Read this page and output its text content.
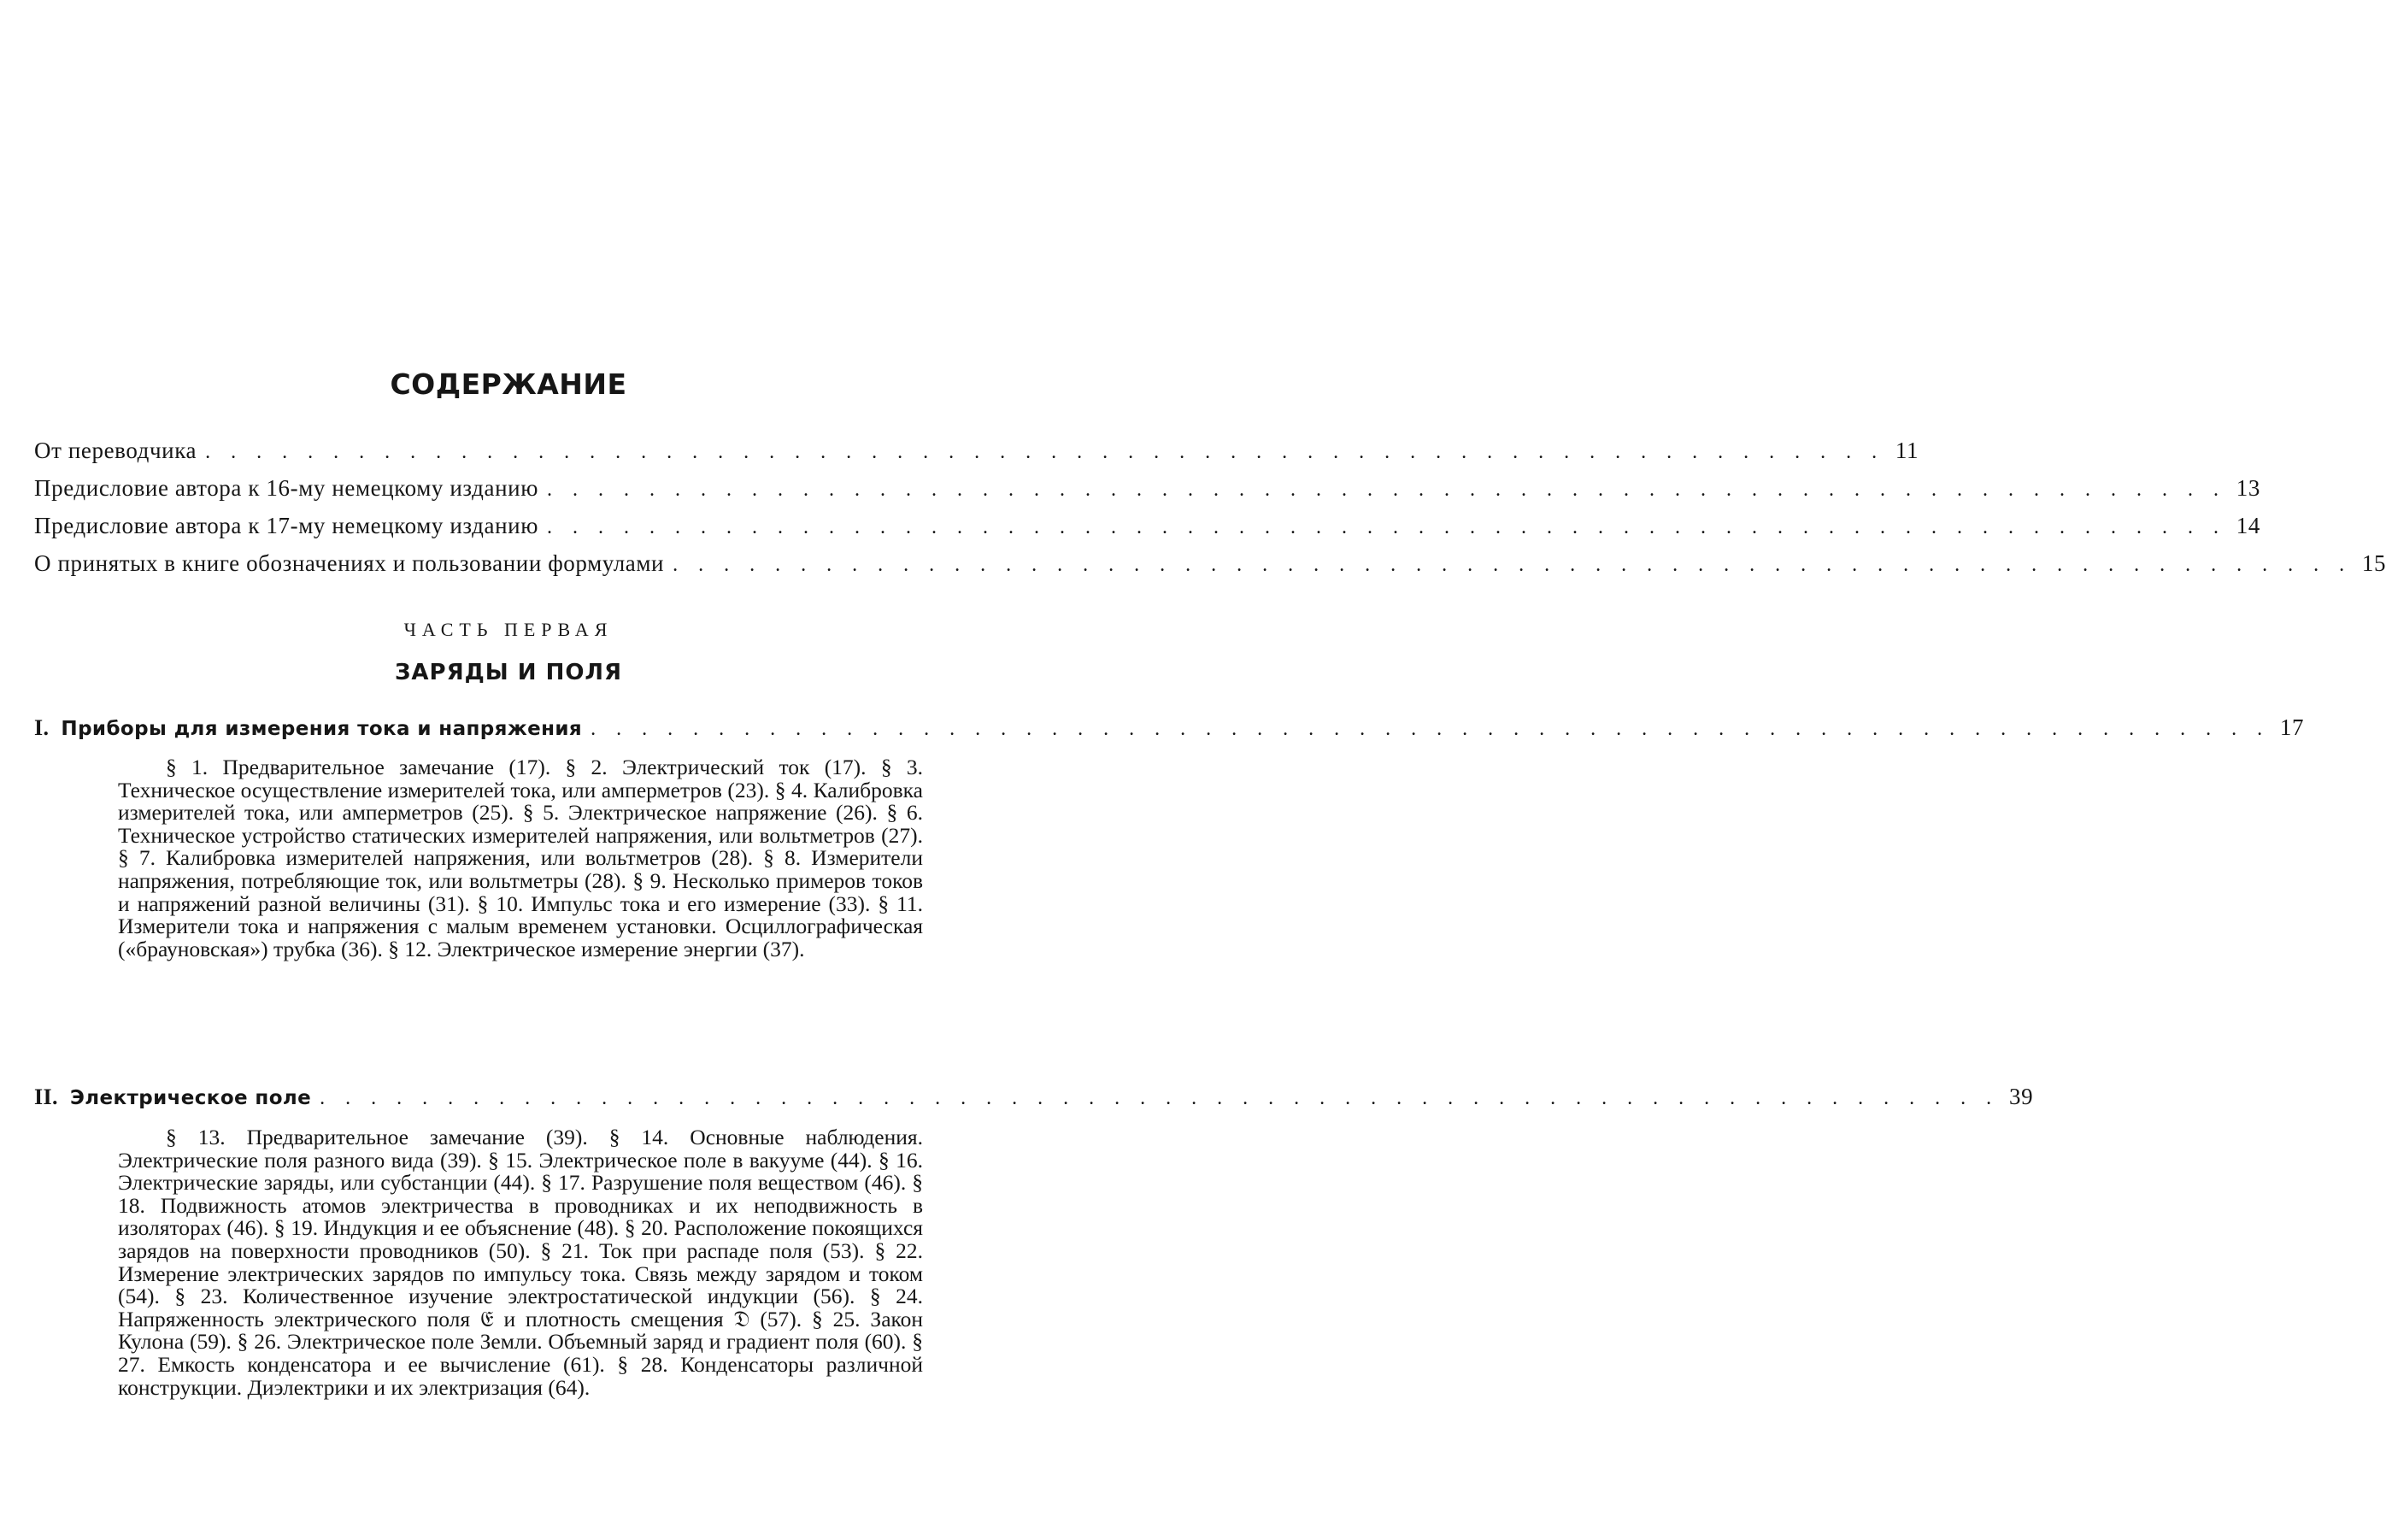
СОДЕРЖАНИЕ
От переводчика . . . . . . . . . . . . . . . . . . . . . . . . . . . . . . . . . . . . . . . . . . . . . . . . . . . . . . . . . . . . . . . . . . 11
Предисловие автора к 16-му немецкому изданию . . . . . . . . . . . . . . . . . . . . . . . . . . . . . . . . . . . . . . . . . . . . . . . . . . . . . . . . . . . . . . . . . . 13
Предисловие автора к 17-му немецкому изданию . . . . . . . . . . . . . . . . . . . . . . . . . . . . . . . . . . . . . . . . . . . . . . . . . . . . . . . . . . . . . . . . . . 14
О принятых в книге обозначениях и пользовании формулами . . . . . . . . . . . . . . . . . . . . . . . . . . . . . . . . . . . . . . . . . . . . . . . . . . . . . . . . . . . . . . . . . . 15
ЧАСТЬ ПЕРВАЯ
ЗАРЯДЫ И ПОЛЯ
I. Приборы для измерения тока и напряжения . . . . . . . . . . . . . . . . . . . . . . . . . . . . . . . . . . . . . . . . . . . . . . . . . . . . . . . . . . . . . . . . . . 17

§ 1. Предварительное замечание (17). § 2. Электрический ток (17). § 3. Техническое осуществление измерителей тока, или амперметров (23). § 4. Калибровка измерителей тока, или амперметров (25). § 5. Электрическое напряжение (26). § 6. Техническое устройство статических измерителей напряжения, или вольтметров (27). § 7. Калибровка измерителей напряжения, или вольтметров (28). § 8. Измерители напряжения, потребляющие ток, или вольтметры (28). § 9. Несколько примеров токов и напряжений разной величины (31). § 10. Импульс тока и его измерение (33). § 11. Измерители тока и напряжения с малым временем установки. Осциллографическая («брауновская») трубка (36). § 12. Электрическое измерение энергии (37).

II. Электрическое поле . . . . . . . . . . . . . . . . . . . . . . . . . . . . . . . . . . . . . . . . . . . . . . . . . . . . . . . . . . . . . . . . . . 39

§ 13. Предварительное замечание (39). § 14. Основные наблюдения. Электрические поля разного вида (39). § 15. Электрическое поле в вакууме (44). § 16. Электрические заряды, или субстанции (44). § 17. Разрушение поля веществом (46). § 18. Подвижность атомов электричества в проводниках и их неподвижность в изоляторах (46). § 19. Индукция и ее объяснение (48). § 20. Расположение покоящихся зарядов на поверхности проводников (50). § 21. Ток при распаде поля (53). § 22. Измерение электрических зарядов по импульсу тока. Связь между зарядом и током (54). § 23. Количественное изучение электростатической индукции (56). § 24. Напряженность электрического поля 𝔈 и плотность смещения 𝔇 (57). § 25. Закон Кулона (59). § 26. Электрическое поле Земли. Объемный заряд и градиент поля (60). § 27. Емкость конденсатора и ее вычисление (61). § 28. Конденсаторы различной конструкции. Диэлектрики и их электризация (64).
